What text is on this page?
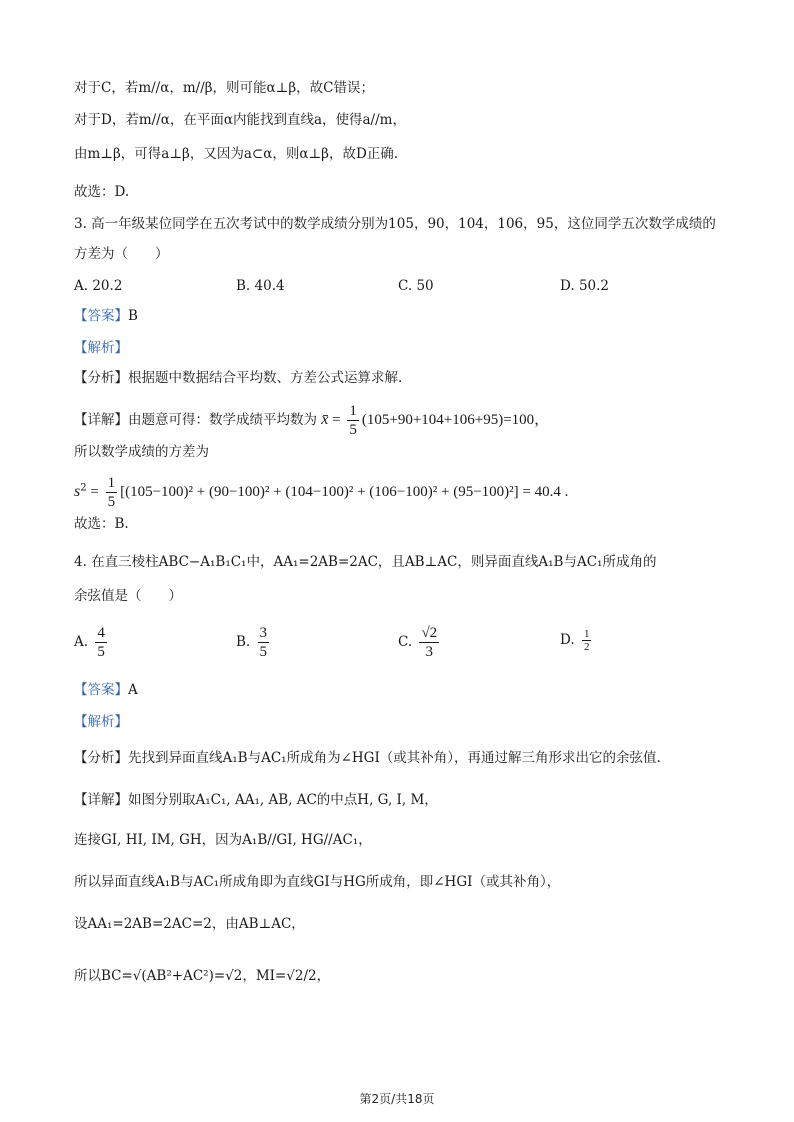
对于C，若m//α，m//β，则可能α⊥β，故C错误；
对于D，若m//α，在平面α内能找到直线a，使得a//m，
由m⊥β，可得a⊥β，又因为a⊂α，则α⊥β，故D正确.
故选：D.
3. 高一年级某位同学在五次考试中的数学成绩分别为105，90，104，106，95，这位同学五次数学成绩的
方差为（　　）
A. 20.2	B. 40.4	C. 50	D. 50.2
【答案】B
【解析】
【分析】根据题中数据结合平均数、方差公式运算求解.
【详解】由题意可得：数学成绩平均数为 x̄ = $\frac{1}{5} (105+90+104+106+95)=100$，
所以数学成绩的方差为
$s^2 = \frac{1}{5} [(105-100)^2 + (90-100)^2 + (104-100)^2 + (106-100)^2 + (95-100)^2] = 40.4$ .
故选：B.
4. 在直三棱柱ABC−A₁B₁C₁中，AA₁=2AB=2AC，且AB⊥AC，则异面直线A₁B与AC₁所成角的
余弦值是（　　）
A. $\frac{4}{5}$	B. $\frac{3}{5}$	C. $\frac{√2}{3}$	D. $\frac{1}{2}$
【答案】A
【解析】
【分析】先找到异面直线A₁B与AC₁所成角为∠HGI（或其补角），再通过解三角形求出它的余弦值.
【详解】如图分别取A₁C₁, AA₁, AB, AC的中点H, G, I, M，
连接GI, HI, IM, GH，因为A₁B//GI, HG//AC₁，
所以异面直线A₁B与AC₁所成角即为直线GI与HG所成角，即∠HGI（或其补角），
设AA₁=2AB=2AC=2，由AB⊥AC，
所以BC=√(AB²+AC²)=√2，MI=√2/2，
第2页/共18页
